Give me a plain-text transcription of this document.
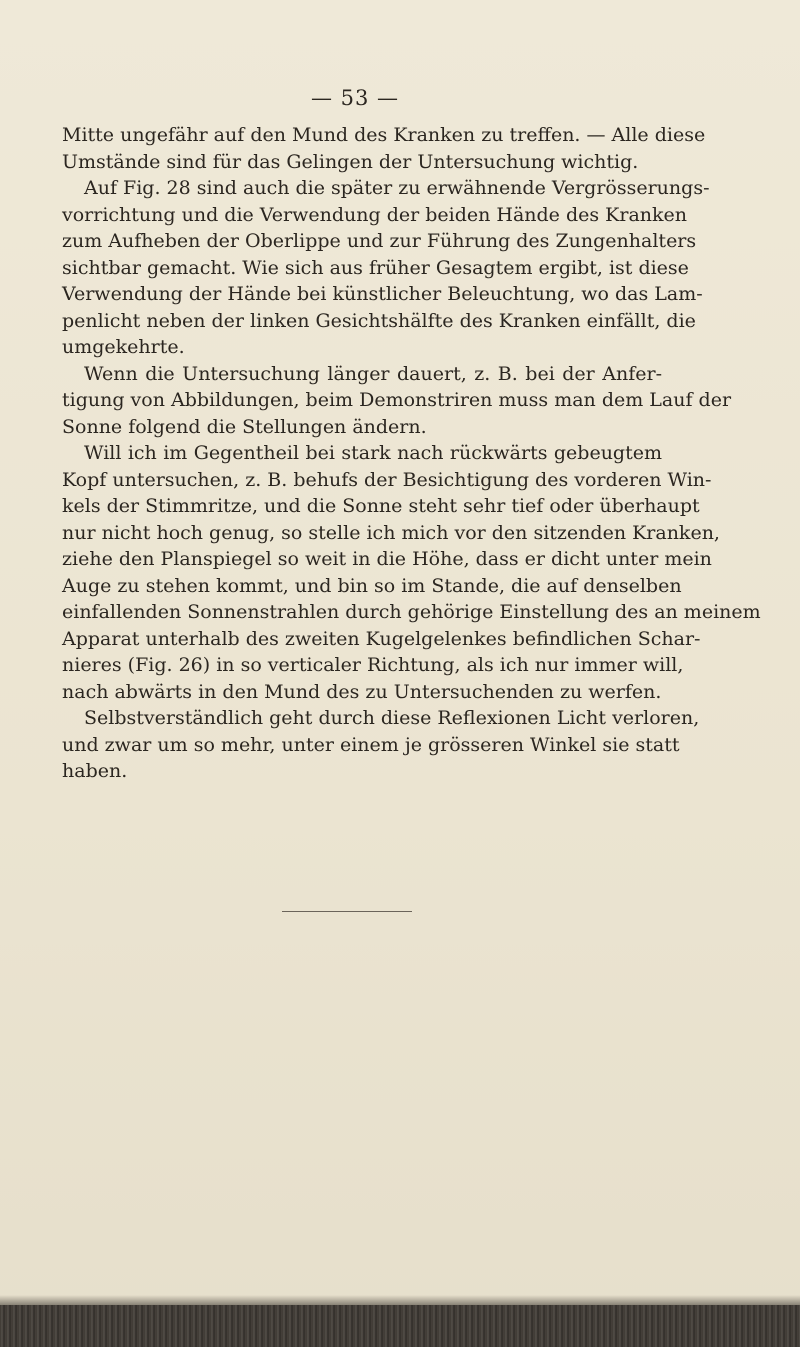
— 53 —

Mitte ungefähr auf den Mund des Kranken zu treffen. — Alle diese
Umstände sind für das Gelingen der Untersuchung wichtig.
Auf Fig. 28 sind auch die später zu erwähnende Vergrösserungs-
vorrichtung und die Verwendung der beiden Hände des Kranken
zum Aufheben der Oberlippe und zur Führung des Zungenhalters
sichtbar gemacht. Wie sich aus früher Gesagtem ergibt, ist diese
Verwendung der Hände bei künstlicher Beleuchtung, wo das Lam-
penlicht neben der linken Gesichtshälfte des Kranken einfällt, die
umgekehrte.
Wenn die Untersuchung länger dauert, z. B. bei der Anfer-
tigung von Abbildungen, beim Demonstriren muss man dem Lauf der
Sonne folgend die Stellungen ändern.
Will ich im Gegentheil bei stark nach rückwärts gebeugtem
Kopf untersuchen, z. B. behufs der Besichtigung des vorderen Win-
kels der Stimmritze, und die Sonne steht sehr tief oder überhaupt
nur nicht hoch genug, so stelle ich mich vor den sitzenden Kranken,
ziehe den Planspiegel so weit in die Höhe, dass er dicht unter mein
Auge zu stehen kommt, und bin so im Stande, die auf denselben
einfallenden Sonnenstrahlen durch gehörige Einstellung des an meinem
Apparat unterhalb des zweiten Kugelgelenkes befindlichen Schar-
nieres (Fig. 26) in so verticaler Richtung, als ich nur immer will,
nach abwärts in den Mund des zu Untersuchenden zu werfen.
Selbstverständlich geht durch diese Reflexionen Licht verloren,
und zwar um so mehr, unter einem je grösseren Winkel sie statt
haben.
